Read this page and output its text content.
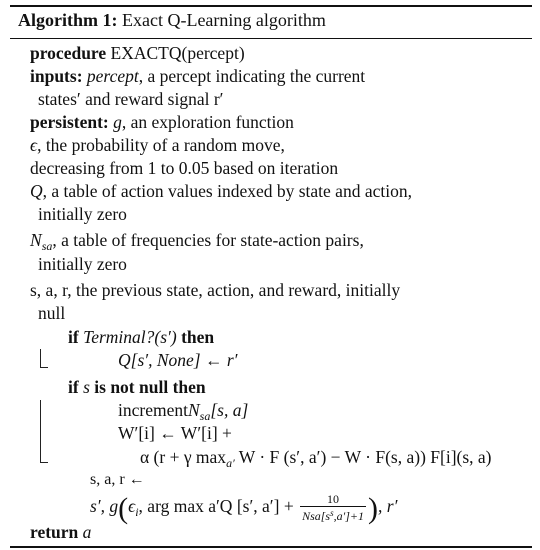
Algorithm 1: Exact Q-Learning algorithm
procedure EXACTQ(percept)
inputs: percept, a percept indicating the current
states′ and reward signal r′
persistent: g, an exploration function
ϵ, the probability of a random move,
decreasing from 1 to 0.05 based on iteration
Q, a table of action values indexed by state and action,
initially zero
$N_{sa}$, a table of frequencies for state-action pairs,
initially zero
s, a, r, the previous state, action, and reward, initially
null
if Terminal?(s′) then
Q[s′, None] ← r′
if s is not null then
incrementN$_{sa}$[s, a]
W′[i] ← W′[i] +
α (r + γ $\max_{a'} W \cdot F$ (s′, a′) − W · F(s, a)) F[i](s, a)
s, a, r ←
s′, $g(\epsilon_i$, arg max a′Q [s′, $a'] + \frac{10}{Nsa[s^s,a']+1}$ ), r′
return a
